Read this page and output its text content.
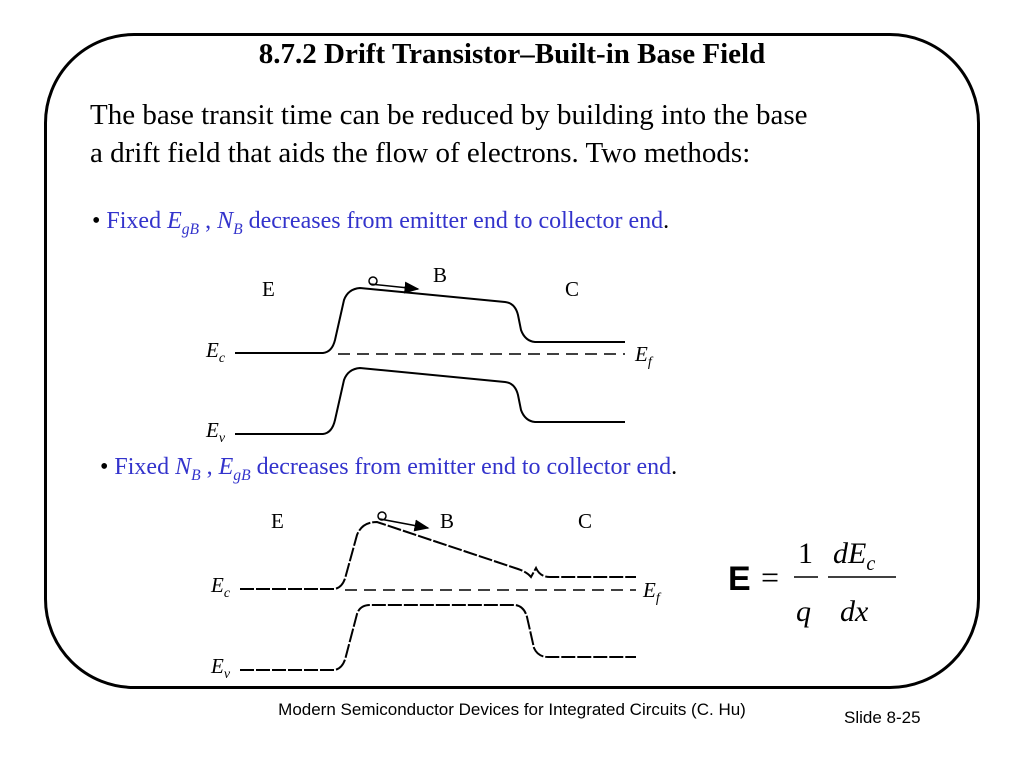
8.7.2 Drift Transistor–Built-in Base Field
The base transit time can be reduced by building into the base
a drift field that aids the flow of electrons. Two methods:
• Fixed $E_{gB}$ , $N_B$ decreases from emitter end to collector end.
• Fixed $N_B$ , $E_{gB}$ decreases from emitter end to collector end.
E
B
C
$E_c$
$E_v$
$E_f$
E	B	C
$E_c$
$E_v$
$E_f$
E =
1
q
$dE_c$
dx
Modern Semiconductor Devices for Integrated Circuits (C. Hu)	Slide 8-25
